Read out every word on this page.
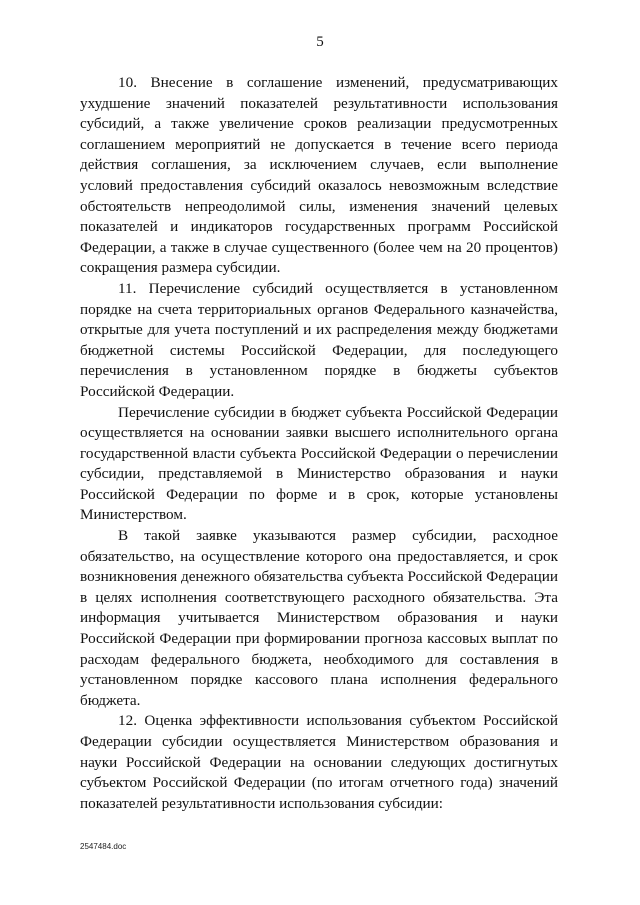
5

10. Внесение в соглашение изменений, предусматривающих ухудшение значений показателей результативности использования субсидий, а также увеличение сроков реализации предусмотренных соглашением мероприятий не допускается в течение всего периода действия соглашения, за исключением случаев, если выполнение условий предоставления субсидий оказалось невозможным вследствие обстоятельств непреодолимой силы, изменения значений целевых показателей и индикаторов государственных программ Российской Федерации, а также в случае существенного (более чем на 20 процентов) сокращения размера субсидии.

11. Перечисление субсидий осуществляется в установленном порядке на счета территориальных органов Федерального казначейства, открытые для учета поступлений и их распределения между бюджетами бюджетной системы Российской Федерации, для последующего перечисления в установленном порядке в бюджеты субъектов Российской Федерации.

Перечисление субсидии в бюджет субъекта Российской Федерации осуществляется на основании заявки высшего исполнительного органа государственной власти субъекта Российской Федерации о перечислении субсидии, представляемой в Министерство образования и науки Российской Федерации по форме и в срок, которые установлены Министерством.

В такой заявке указываются размер субсидии, расходное обязательство, на осуществление которого она предоставляется, и срок возникновения денежного обязательства субъекта Российской Федерации в целях исполнения соответствующего расходного обязательства. Эта информация учитывается Министерством образования и науки Российской Федерации при формировании прогноза кассовых выплат по расходам федерального бюджета, необходимого для составления в установленном порядке кассового плана исполнения федерального бюджета.

12. Оценка эффективности использования субъектом Российской Федерации субсидии осуществляется Министерством образования и науки Российской Федерации на основании следующих достигнутых субъектом Российской Федерации (по итогам отчетного года) значений показателей результативности использования субсидии:

2547484.doc
